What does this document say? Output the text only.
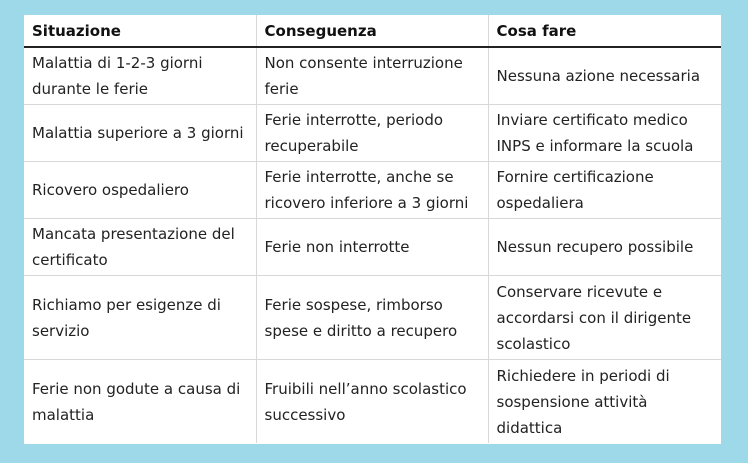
Situazione	Conseguenza	Cosa fare
Malattia di 1-2-3 giorni durante le ferie	Non consente interruzione ferie	Nessuna azione necessaria
Malattia superiore a 3 giorni	Ferie interrotte, periodo recuperabile	Inviare certificato medico INPS e informare la scuola
Ricovero ospedaliero	Ferie interrotte, anche se ricovero inferiore a 3 giorni	Fornire certificazione ospedaliera
Mancata presentazione del certificato	Ferie non interrotte	Nessun recupero possibile
Richiamo per esigenze di servizio	Ferie sospese, rimborso spese e diritto a recupero	Conservare ricevute e accordarsi con il dirigente scolastico
Ferie non godute a causa di malattia	Fruibili nell’anno scolastico successivo	Richiedere in periodi di sospensione attività didattica
